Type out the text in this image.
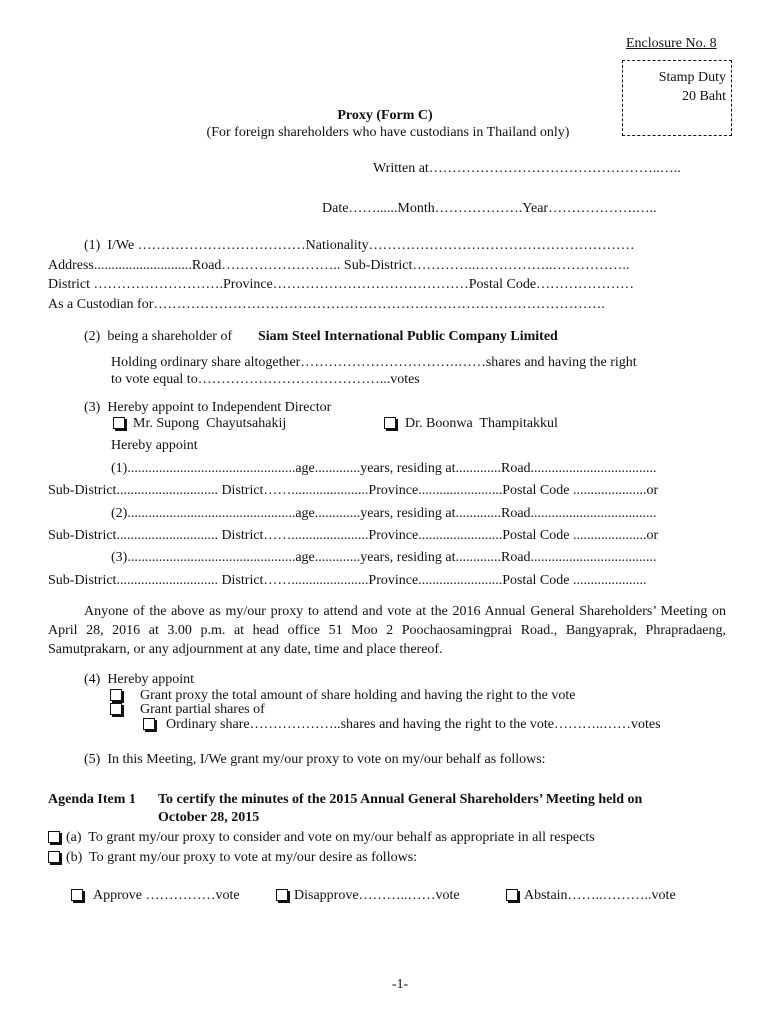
Enclosure No. 8
Stamp Duty
20 Baht
Proxy (Form C)
(For foreign shareholders who have custodians in Thailand only)
Written at…………………………………………..…..
Date……......Month……………….Year……………….…..
(1)  I/We ………………………………Nationality…………………………………………………
Address............................Road…………………….. Sub-District…………..……………..……………..
District ……………………….Province……………………………………Postal Code…………………
As a Custodian for…………………………………………………………………………………….
(2)  being a shareholder of Siam Steel International Public Company Limited
Holding ordinary share altogether…………………………….……shares and having the right
to vote equal to…………………………………...votes
(3)  Hereby appoint to Independent Director
Mr. Supong  Chayutsahakij	Dr. Boonwa  Thampitakkul
Hereby appoint
(1)................................................age.............years, residing at.............Road....................................
Sub-District............................. District……......................Province........................Postal Code .....................or
(2)................................................age.............years, residing at.............Road....................................
Sub-District............................. District……......................Province........................Postal Code .....................or
(3)................................................age.............years, residing at.............Road....................................
Sub-District............................. District……......................Province........................Postal Code .....................
Anyone of the above as my/our proxy to attend and vote at the 2016 Annual General Shareholders’ Meeting on April 28, 2016 at 3.00 p.m. at head office 51 Moo 2 Poochaosamingprai Road., Bangyaprak, Phrapradaeng, Samutprakarn, or any adjournment at any date, time and place thereof.
(4)  Hereby appoint
Grant proxy the total amount of share holding and having the right to the vote
Grant partial shares of
Ordinary share………………..shares and having the right to the vote………..……votes
(5)  In this Meeting, I/We grant my/our proxy to vote on my/our behalf as follows:
Agenda Item 1 To certify the minutes of the 2015 Annual General Shareholders’ Meeting held on
October 28, 2015
(a)  To grant my/our proxy to consider and vote on my/our behalf as appropriate in all respects
(b)  To grant my/our proxy to vote at my/our desire as follows:
Approve ……………vote	Disapprove………..……vote	Abstain……..………..vote
-1-
